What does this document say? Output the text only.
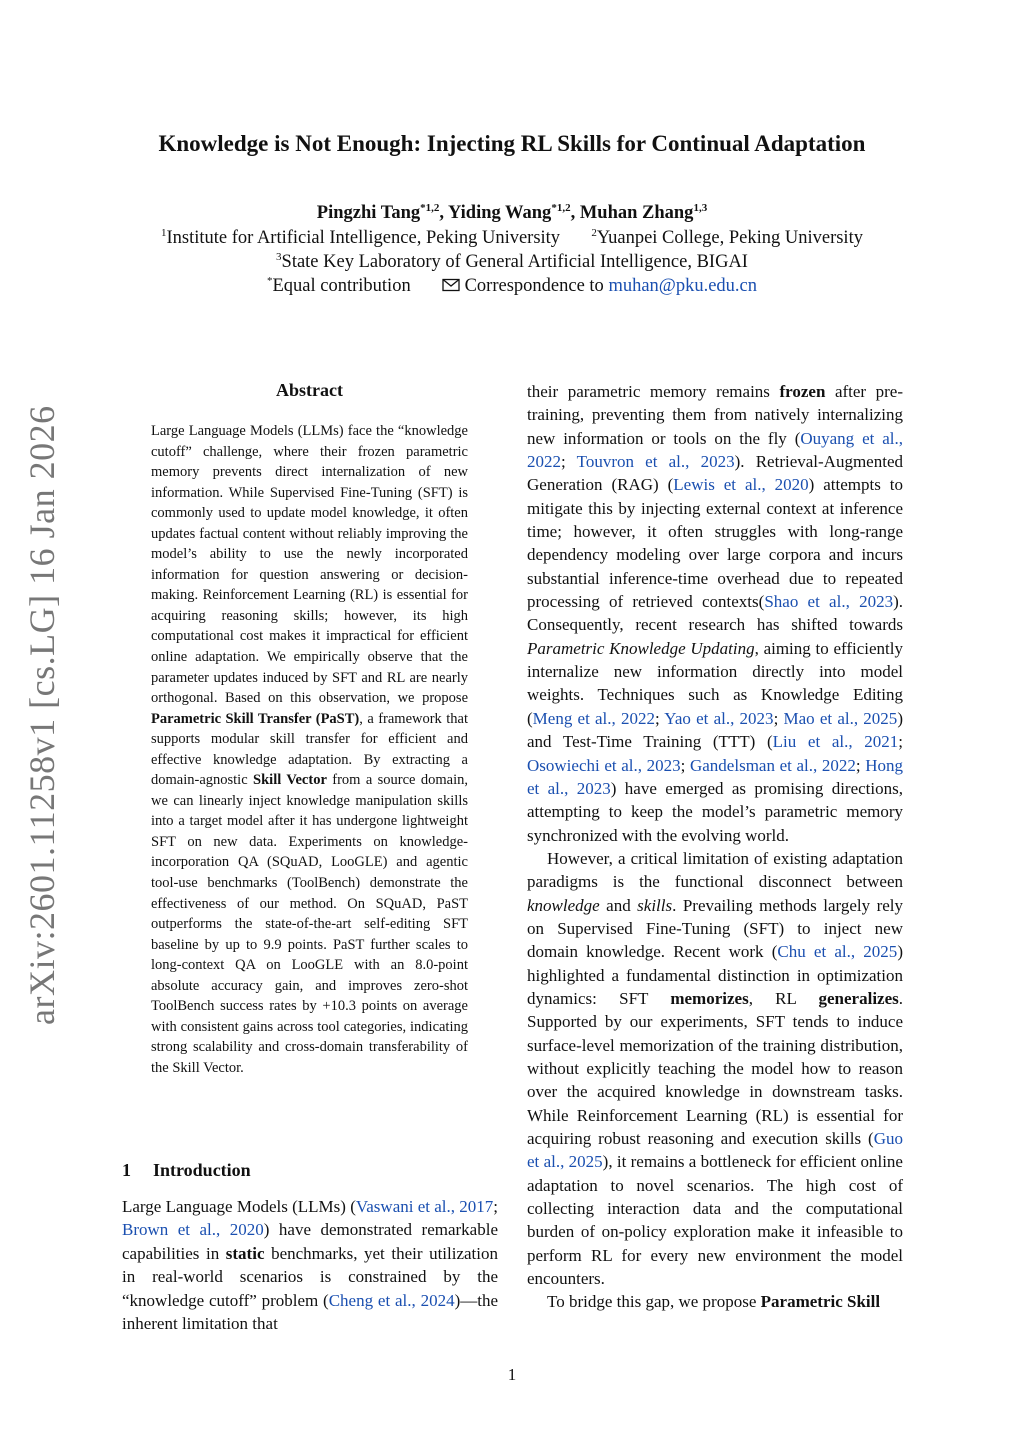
arXiv:2601.11258v1 [cs.LG] 16 Jan 2026
Knowledge is Not Enough: Injecting RL Skills for Continual Adaptation
Pingzhi Tang$^{*1,2}$, Yiding Wang$^{*1,2}$, Muhan Zhang$^{1,3}$
$^1$Institute for Artificial Intelligence, Peking University	$^2$Yuanpei College, Peking University
$^3$State Key Laboratory of General Artificial Intelligence, BIGAI
*Equal contribution	Correspondence to muhan@pku.edu.cn
Abstract
Large Language Models (LLMs) face the “knowledge cutoff” challenge, where their frozen parametric memory prevents direct internalization of new information. While Supervised Fine-Tuning (SFT) is commonly used to update model knowledge, it often updates factual content without reliably improving the model’s ability to use the newly incorporated information for question answering or decision-making. Reinforcement Learning (RL) is essential for acquiring reasoning skills; however, its high computational cost makes it impractical for efficient online adaptation. We empirically observe that the parameter updates induced by SFT and RL are nearly orthogonal. Based on this observation, we propose Parametric Skill Transfer (PaST), a framework that supports modular skill transfer for efficient and effective knowledge adaptation. By extracting a domain-agnostic Skill Vector from a source domain, we can linearly inject knowledge manipulation skills into a target model after it has undergone lightweight SFT on new data. Experiments on knowledge-incorporation QA (SQuAD, LooGLE) and agentic tool-use benchmarks (ToolBench) demonstrate the effectiveness of our method. On SQuAD, PaST outperforms the state-of-the-art self-editing SFT baseline by up to 9.9 points. PaST further scales to long-context QA on LooGLE with an 8.0-point absolute accuracy gain, and improves zero-shot ToolBench success rates by +10.3 points on average with consistent gains across tool categories, indicating strong scalability and cross-domain transferability of the Skill Vector.
1 Introduction
Large Language Models (LLMs) (Vaswani et al., 2017; Brown et al., 2020) have demonstrated remarkable capabilities in static benchmarks, yet their utilization in real-world scenarios is constrained by the “knowledge cutoff” problem (Cheng et al., 2024)—the inherent limitation that

their parametric memory remains frozen after pre-training, preventing them from natively internalizing new information or tools on the fly (Ouyang et al., 2022; Touvron et al., 2023). Retrieval-Augmented Generation (RAG) (Lewis et al., 2020) attempts to mitigate this by injecting external context at inference time; however, it often struggles with long-range dependency modeling over large corpora and incurs substantial inference-time overhead due to repeated processing of retrieved contexts(Shao et al., 2023). Consequently, recent research has shifted towards Parametric Knowledge Updating, aiming to efficiently internalize new information directly into model weights. Techniques such as Knowledge Editing (Meng et al., 2022; Yao et al., 2023; Mao et al., 2025) and Test-Time Training (TTT) (Liu et al., 2021; Osowiechi et al., 2023; Gandelsman et al., 2022; Hong et al., 2023) have emerged as promising directions, attempting to keep the model’s parametric memory synchronized with the evolving world.

However, a critical limitation of existing adaptation paradigms is the functional disconnect between knowledge and skills. Prevailing methods largely rely on Supervised Fine-Tuning (SFT) to inject new domain knowledge. Recent work (Chu et al., 2025) highlighted a fundamental distinction in optimization dynamics: SFT memorizes, RL generalizes. Supported by our experiments, SFT tends to induce surface-level memorization of the training distribution, without explicitly teaching the model how to reason over the acquired knowledge in downstream tasks. While Reinforcement Learning (RL) is essential for acquiring robust reasoning and execution skills (Guo et al., 2025), it remains a bottleneck for efficient online adaptation to novel scenarios. The high cost of collecting interaction data and the computational burden of on-policy exploration make it infeasible to perform RL for every new environment the model encounters.

To bridge this gap, we propose Parametric Skill

1
